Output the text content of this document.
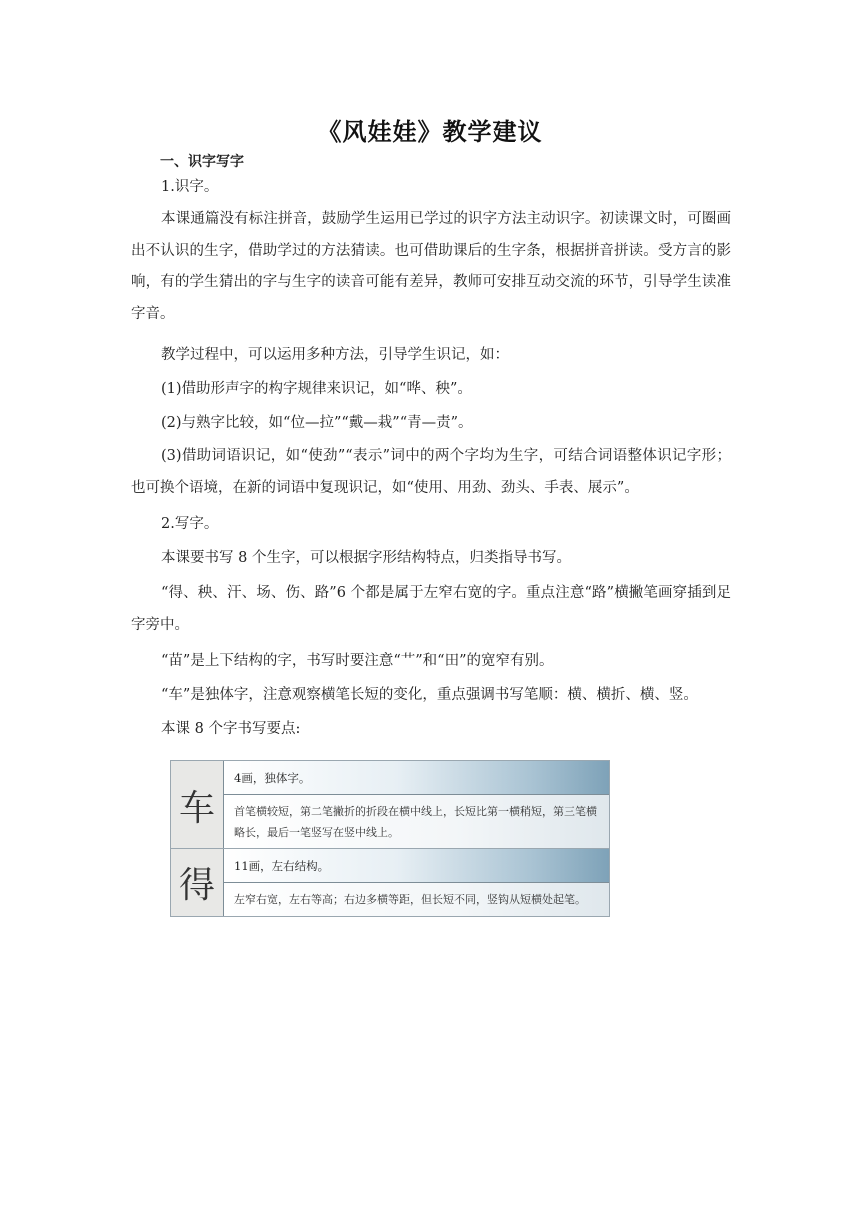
《风娃娃》教学建议
一、识字写字
1.识字。
本课通篇没有标注拼音，鼓励学生运用已学过的识字方法主动识字。初读课文时，可圈画出不认识的生字，借助学过的方法猜读。也可借助课后的生字条，根据拼音拼读。受方言的影响，有的学生猜出的字与生字的读音可能有差异，教师可安排互动交流的环节，引导学生读准字音。
教学过程中，可以运用多种方法，引导学生识记，如：
(1)借助形声字的构字规律来识记，如“哗、秧”。
(2)与熟字比较，如“位—拉”“戴—栽”“青—责”。
(3)借助词语识记，如“使劲”“表示”词中的两个字均为生字，可结合词语整体识记字形；也可换个语境，在新的词语中复现识记，如“使用、用劲、劲头、手表、展示”。
2.写字。
本课要书写 8 个生字，可以根据字形结构特点，归类指导书写。
“得、秧、汗、场、伤、路”6 个都是属于左窄右宽的字。重点注意“路”横撇笔画穿插到足字旁中。
“苗”是上下结构的字，书写时要注意“艹”和“田”的宽窄有别。
“车”是独体字，注意观察横笔长短的变化，重点强调书写笔顺：横、横折、横、竖。
本课 8 个字书写要点:
车
4画，独体字。
首笔横较短，第二笔撇折的折段在横中线上，长短比第一横稍短，第三笔横略长，最后一笔竖写在竖中线上。
得	11画，左右结构。
左窄右宽，左右等高；右边多横等距，但长短不同，竖钩从短横处起笔。
